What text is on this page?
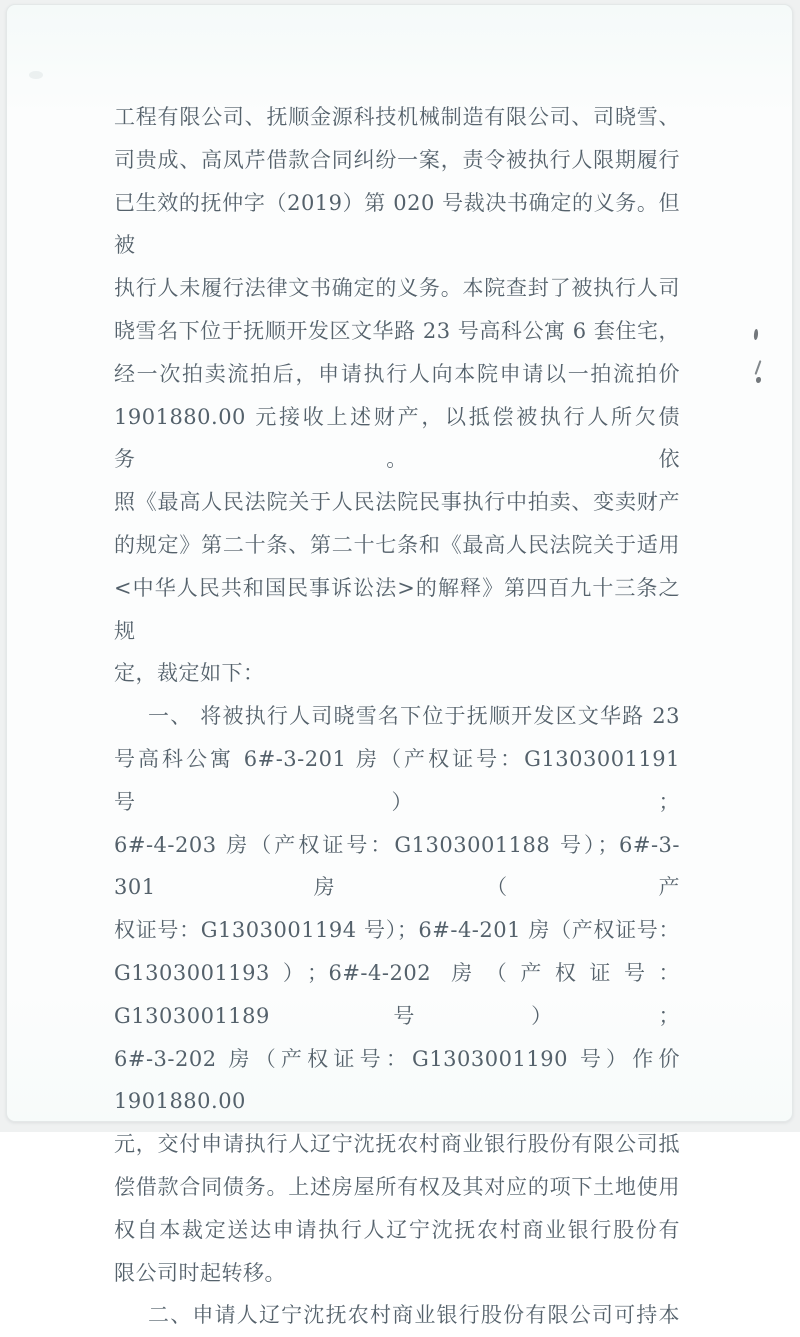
工程有限公司、抚顺金源科技机械制造有限公司、司晓雪、
司贵成、高凤芹借款合同纠纷一案，责令被执行人限期履行
已生效的抚仲字（2019）第 020 号裁决书确定的义务。但被
执行人未履行法律文书确定的义务。本院查封了被执行人司
晓雪名下位于抚顺开发区文华路 23 号高科公寓 6 套住宅，
经一次拍卖流拍后，申请执行人向本院申请以一拍流拍价
1901880.00 元接收上述财产，以抵偿被执行人所欠债务。依
照《最高人民法院关于人民法院民事执行中拍卖、变卖财产
的规定》第二十条、第二十七条和《最高人民法院关于适用
<中华人民共和国民事诉讼法>的解释》第四百九十三条之规
定，裁定如下：
一、 将被执行人司晓雪名下位于抚顺开发区文华路 23
号高科公寓 6#-3-201 房（产权证号：G1303001191 号）；
6#-4-203 房（产权证号：G1303001188 号）；6#-3-301 房（产
权证号：G1303001194 号）；6#-4-201 房（产权证号：
G1303001193）；6#-4-202 房（产权证号：G1303001189 号）；
6#-3-202 房（产权证号：G1303001190 号）作价 1901880.00
元，交付申请执行人辽宁沈抚农村商业银行股份有限公司抵
偿借款合同债务。上述房屋所有权及其对应的项下土地使用
权自本裁定送达申请执行人辽宁沈抚农村商业银行股份有
限公司时起转移。
二、申请人辽宁沈抚农村商业银行股份有限公司可持本
